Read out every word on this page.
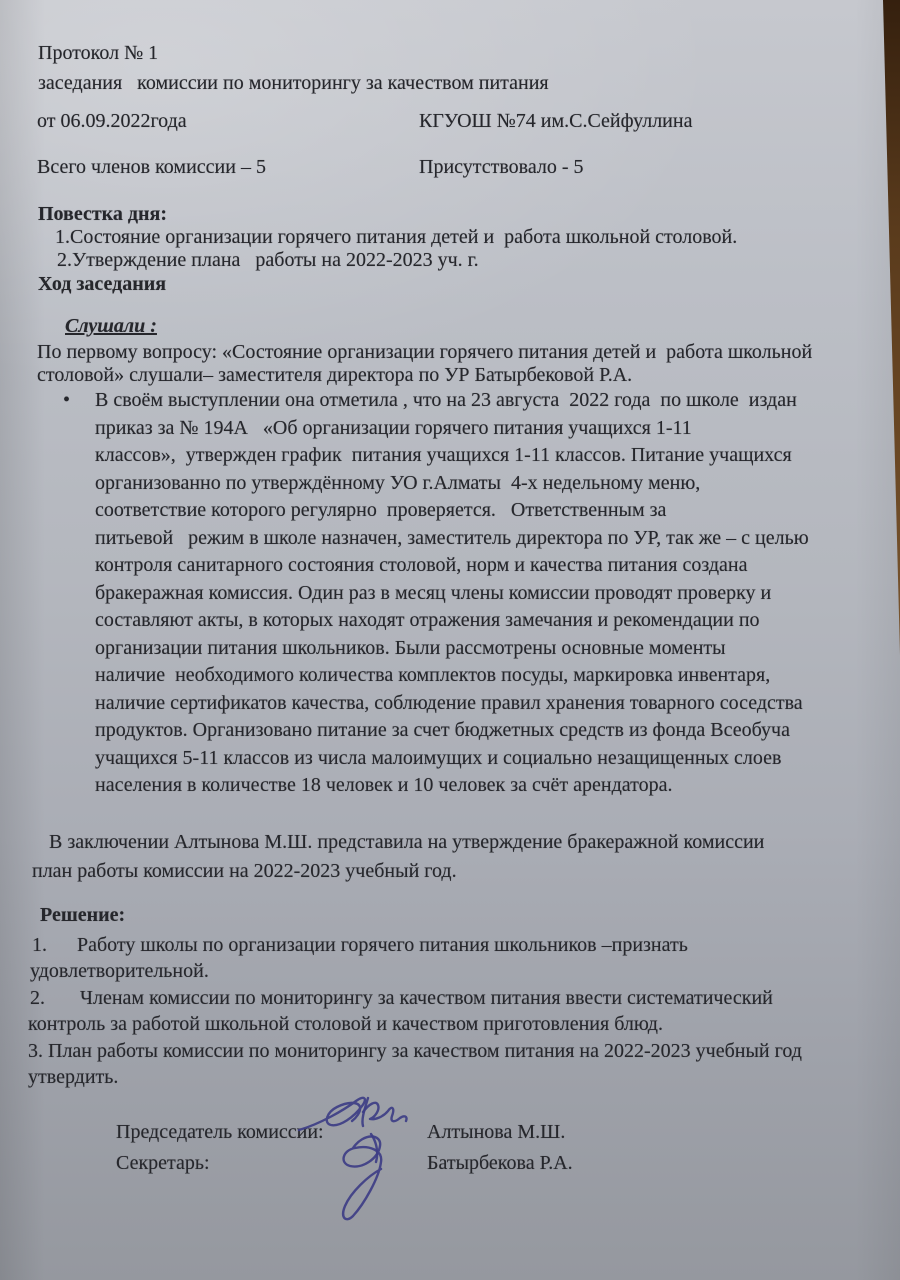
Протокол № 1
заседания   комиссии по мониторингу за качеством питания
от 06.09.2022года	КГУОШ №74 им.С.Сейфуллина
Всего членов комиссии – 5	Присутствовало - 5
Повестка дня:
1.Состояние организации горячего питания детей и  работа школьной столовой.
2.Утверждение плана   работы на 2022-2023 уч. г.
Ход заседания
Слушали :
По первому вопросу: «Состояние организации горячего питания детей и  работа школьной
столовой» слушали– заместителя директора по УР Батырбековой Р.А.
• В своём выступлении она отметила , что на 23 августа  2022 года  по школе  издан
приказ за № 194А   «Об организации горячего питания учащихся 1-11
классов»,  утвержден график  питания учащихся 1-11 классов. Питание учащихся
организованно по утверждённому УО г.Алматы  4-х недельному меню,
соответствие которого регулярно  проверяется.   Ответственным за
питьевой   режим в школе назначен, заместитель директора по УР, так же – с целью
контроля санитарного состояния столовой, норм и качества питания создана
бракеражная комиссия. Один раз в месяц члены комиссии проводят проверку и
составляют акты, в которых находят отражения замечания и рекомендации по
организации питания школьников. Были рассмотрены основные моменты
наличие  необходимого количества комплектов посуды, маркировка инвентаря,
наличие сертификатов качества, соблюдение правил хранения товарного соседства
продуктов. Организовано питание за счет бюджетных средств из фонда Всеобуча
учащихся 5-11 классов из числа малоимущих и социально незащищенных слоев
населения в количестве 18 человек и 10 человек за счёт арендатора.
В заключении Алтынова М.Ш. представила на утверждение бракеражной комиссии
план работы комиссии на 2022-2023 учебный год.
Решение:
1.      Работу школы по организации горячего питания школьников –признать
удовлетворительной.
2.       Членам комиссии по мониторингу за качеством питания ввести систематический
контроль за работой школьной столовой и качеством приготовления блюд.
3. План работы комиссии по мониторингу за качеством питания на 2022-2023 учебный год
утвердить.
Председатель комиссии:
Секретарь:
Алтынова М.Ш.
Батырбекова Р.А.
